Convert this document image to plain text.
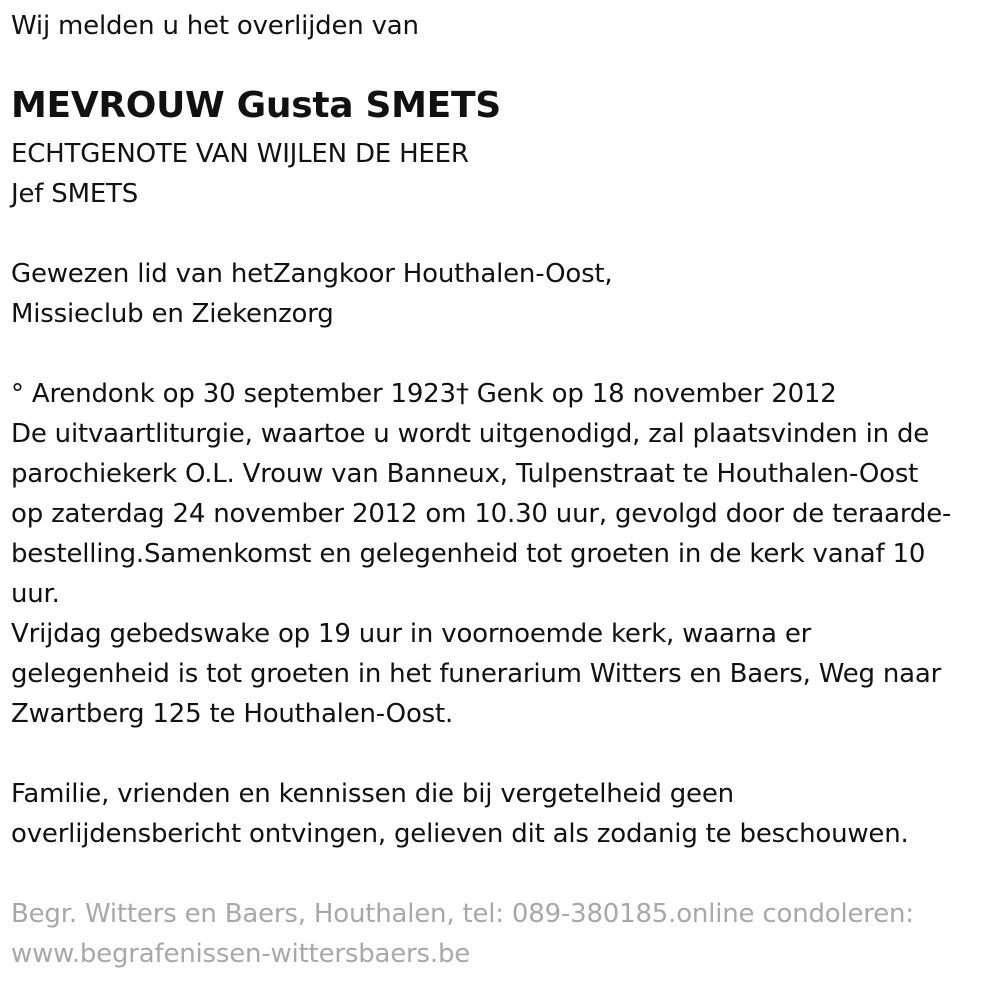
Wij melden u het overlijden van
MEVROUW Gusta SMETS
ECHTGENOTE VAN WIJLEN DE HEER
Jef SMETS
Gewezen lid van hetZangkoor Houthalen-Oost,
Missieclub en Ziekenzorg
° Arendonk op 30 september 1923† Genk op 18 november 2012
De uitvaartliturgie, waartoe u wordt uitgenodigd, zal plaatsvinden in de
parochiekerk O.L. Vrouw van Banneux, Tulpenstraat te Houthalen-Oost
op zaterdag 24 november 2012 om 10.30 uur, gevolgd door de teraarde-
bestelling.Samenkomst en gelegenheid tot groeten in de kerk vanaf 10
uur.
Vrijdag gebedswake op 19 uur in voornoemde kerk, waarna er
gelegenheid is tot groeten in het funerarium Witters en Baers, Weg naar
Zwartberg 125 te Houthalen-Oost.
Familie, vrienden en kennissen die bij vergetelheid geen
overlijdensbericht ontvingen, gelieven dit als zodanig te beschouwen.
Begr. Witters en Baers, Houthalen, tel: 089-380185.online condoleren:
www.begrafenissen-wittersbaers.be
